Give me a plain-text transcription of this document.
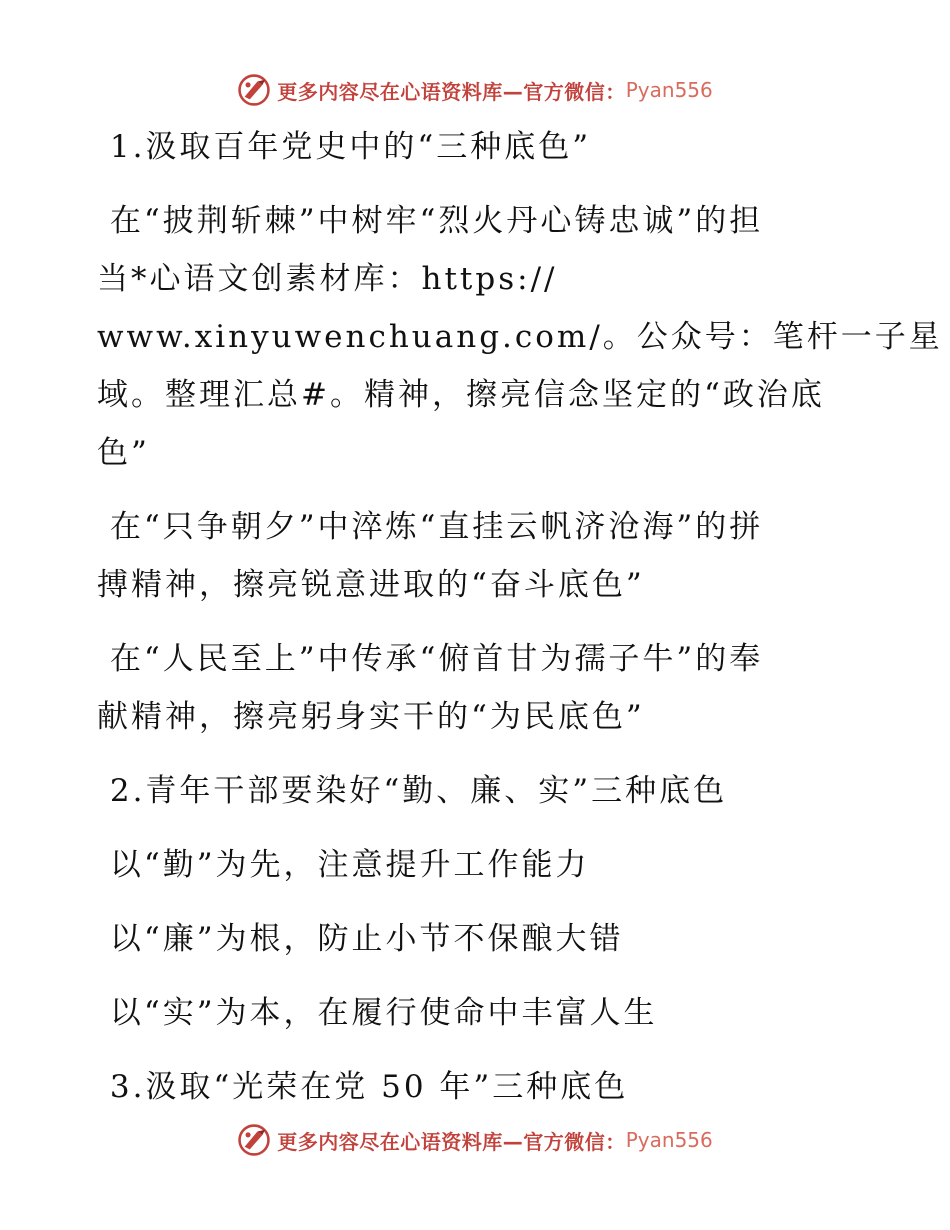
更多内容尽在心语资料库—官方微信： Pyan556
1.汲取百年党史中的“三种底色”
在“披荆斩棘”中树牢“烈火丹心铸忠诚”的担
当*心语文创素材库：https://
www.xinyuwenchuang.com/。公众号：笔杆一子星
域。整理汇总#。精神，擦亮信念坚定的“政治底
色”
在“只争朝夕”中淬炼“直挂云帆济沧海”的拼
搏精神，擦亮锐意进取的“奋斗底色”
在“人民至上”中传承“俯首甘为孺子牛”的奉
献精神，擦亮躬身实干的“为民底色”
2.青年干部要染好“勤、廉、实”三种底色
以“勤”为先，注意提升工作能力
以“廉”为根，防止小节不保酿大错
以“实”为本，在履行使命中丰富人生
3.汲取“光荣在党 50 年”三种底色
更多内容尽在心语资料库—官方微信： Pyan556
